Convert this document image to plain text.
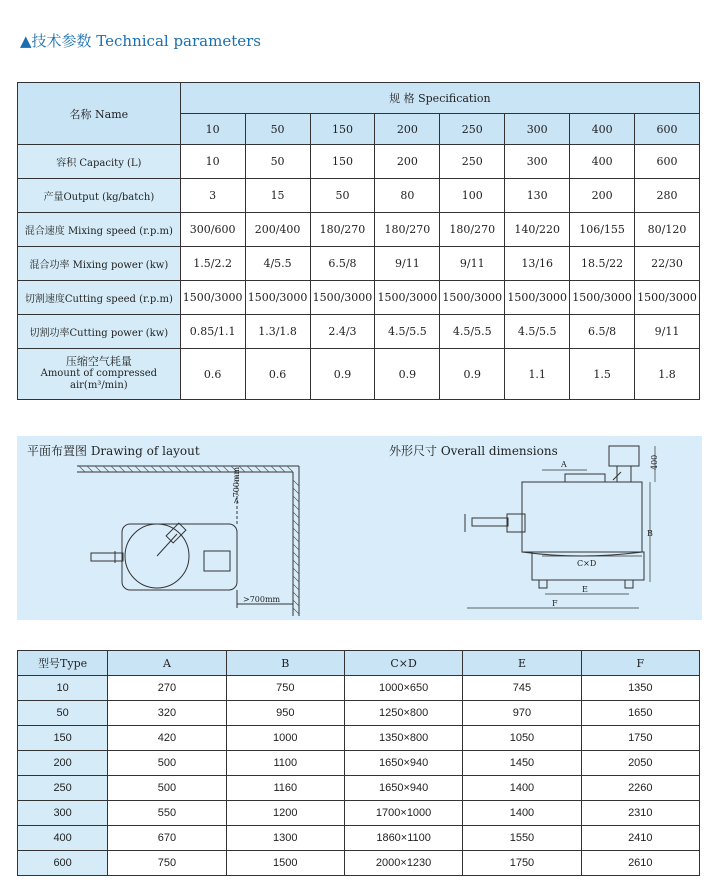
▲技术参数 Technical parameters
名称 Name	规 格 Specification							
	10	50	150	200	250	300	400	600
容积 Capacity (L)	10	50	150	200	250	300	400	600
产量Output (kg/batch)	3	15	50	80	100	130	200	280
混合速度 Mixing speed (r.p.m)	300/600	200/400	180/270	180/270	180/270	140/220	106/155	80/120
混合功率 Mixing power (kw)	1.5/2.2	4/5.5	6.5/8	9/11	9/11	13/16	18.5/22	22/30
切割速度Cutting speed (r.p.m)	1500/3000	1500/3000	1500/3000	1500/3000	1500/3000	1500/3000	1500/3000	1500/3000
切割功率Cutting power (kw)	0.85/1.1	1.3/1.8	2.4/3	4.5/5.5	4.5/5.5	4.5/5.5	6.5/8	9/11

压缩空气耗量
Amount of compressed
air(m³/min)	0.6	0.6	0.9	0.9	0.9	1.1	1.5	1.8
平面布置图 Drawing of layout	外形尺寸 Overall dimensions
>700mm
>700mm
A
B
C×D
E
F
400
型号Type	A	B	C×D	E	F
10	270	750	1000×650	745	1350
50	320	950	1250×800	970	1650
150	420	1000	1350×800	1050	1750
200	500	1100	1650×940	1450	2050
250	500	1160	1650×940	1400	2260
300	550	1200	1700×1000	1400	2310
400	670	1300	1860×1100	1550	2410
600	750	1500	2000×1230	1750	2610
